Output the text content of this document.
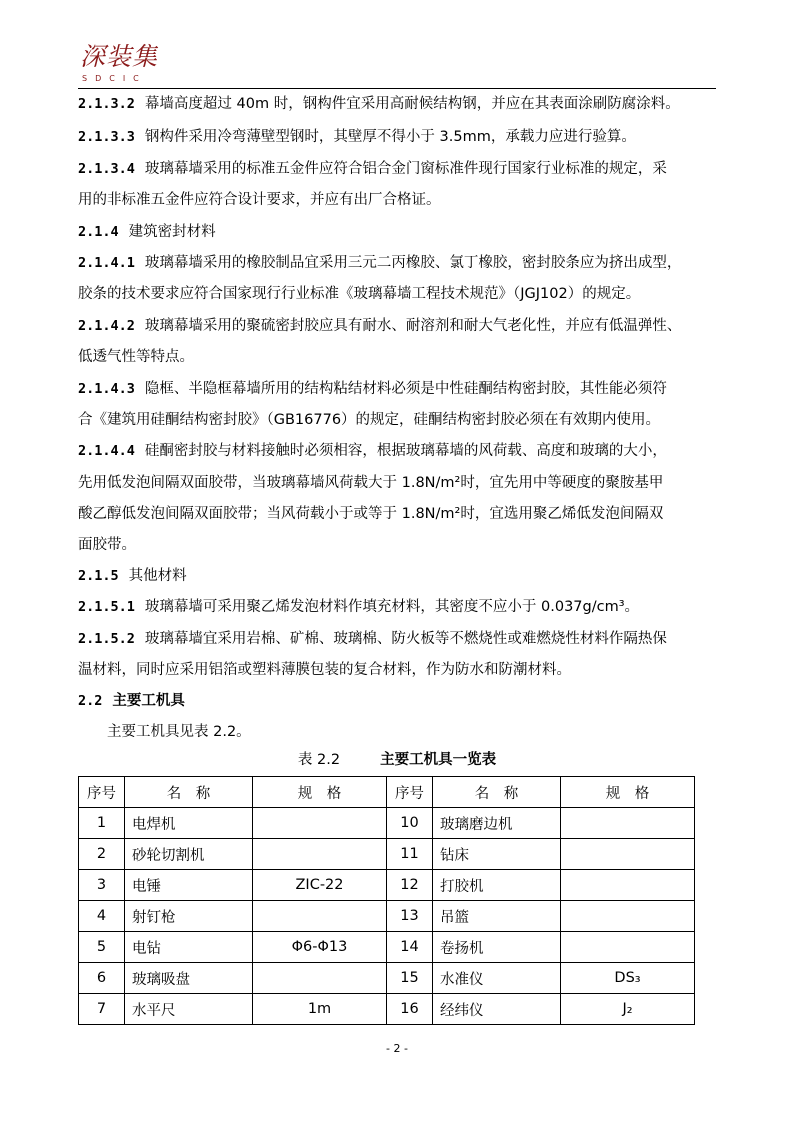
深装集
SDCIC
2.1.3.2 幕墙高度超过 40m 时，钢构件宜采用高耐候结构钢，并应在其表面涂刷防腐涂料。
2.1.3.3 钢构件采用冷弯薄壁型钢时，其壁厚不得小于 3.5mm，承载力应进行验算。
2.1.3.4 玻璃幕墙采用的标准五金件应符合铝合金门窗标准件现行国家行业标准的规定，采
用的非标准五金件应符合设计要求，并应有出厂合格证。
2.1.4 建筑密封材料
2.1.4.1 玻璃幕墙采用的橡胶制品宜采用三元二丙橡胶、氯丁橡胶，密封胶条应为挤出成型，
胶条的技术要求应符合国家现行行业标准《玻璃幕墙工程技术规范》（JGJ102）的规定。
2.1.4.2 玻璃幕墙采用的聚硫密封胶应具有耐水、耐溶剂和耐大气老化性，并应有低温弹性、
低透气性等特点。
2.1.4.3 隐框、半隐框幕墙所用的结构粘结材料必须是中性硅酮结构密封胶，其性能必须符
合《建筑用硅酮结构密封胶》（GB16776）的规定，硅酮结构密封胶必须在有效期内使用。
2.1.4.4 硅酮密封胶与材料接触时必须相容，根据玻璃幕墙的风荷载、高度和玻璃的大小，
先用低发泡间隔双面胶带，当玻璃幕墙风荷载大于 1.8N/m²时，宜先用中等硬度的聚胺基甲
酸乙醇低发泡间隔双面胶带；当风荷载小于或等于 1.8N/m²时，宜选用聚乙烯低发泡间隔双
面胶带。
2.1.5 其他材料
2.1.5.1 玻璃幕墙可采用聚乙烯发泡材料作填充材料，其密度不应小于 0.037g/cm³。
2.1.5.2 玻璃幕墙宜采用岩棉、矿棉、玻璃棉、防火板等不燃烧性或难燃烧性材料作隔热保
温材料，同时应采用铝箔或塑料薄膜包装的复合材料，作为防水和防潮材料。
2.2 主要工机具
主要工机具见表 2.2。
表 2.2	主要工机具一览表
序号	名　称	规　格	序号	名　称	规　格
1	电焊机		10	玻璃磨边机	
2	砂轮切割机		11	钻床	
3	电锤	ZIC-22	12	打胶机	
4	射钉枪		13	吊篮	
5	电钻	Φ6-Φ13	14	卷扬机	
6	玻璃吸盘		15	水准仪	DS₃
7	水平尺	1m	16	经纬仪	J₂
- 2 -
